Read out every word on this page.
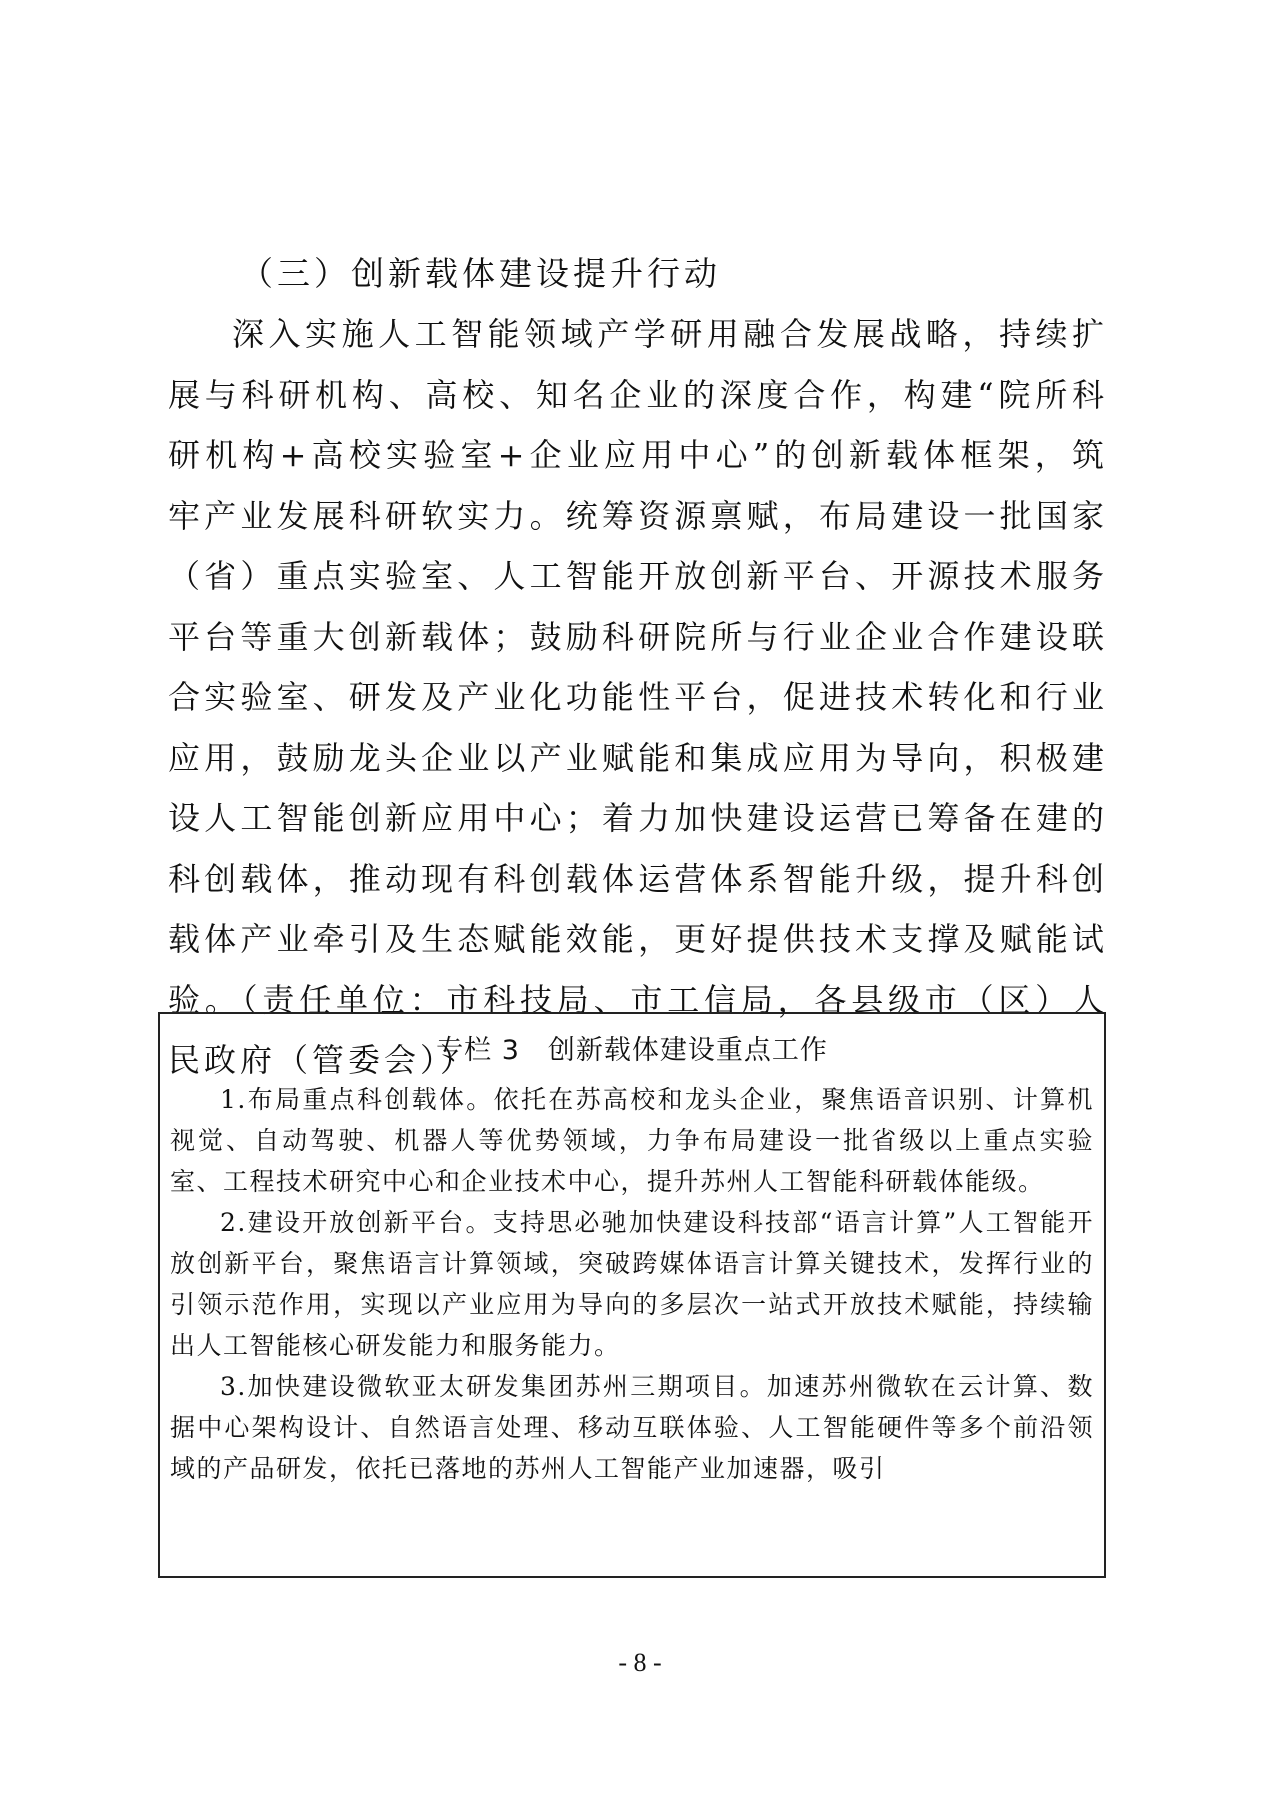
（三）创新载体建设提升行动

深入实施人工智能领域产学研用融合发展战略，持续扩展与科研机构、高校、知名企业的深度合作，构建“院所科研机构+高校实验室+企业应用中心”的创新载体框架，筑牢产业发展科研软实力。统筹资源禀赋，布局建设一批国家（省）重点实验室、人工智能开放创新平台、开源技术服务平台等重大创新载体；鼓励科研院所与行业企业合作建设联合实验室、研发及产业化功能性平台，促进技术转化和行业应用，鼓励龙头企业以产业赋能和集成应用为导向，积极建设人工智能创新应用中心；着力加快建设运营已筹备在建的科创载体，推动现有科创载体运营体系智能升级，提升科创载体产业牵引及生态赋能效能，更好提供技术支撑及赋能试验。（责任单位：市科技局、市工信局，各县级市（区）人民政府（管委会））

专栏 3　创新载体建设重点工作

1.布局重点科创载体。依托在苏高校和龙头企业，聚焦语音识别、计算机视觉、自动驾驶、机器人等优势领域，力争布局建设一批省级以上重点实验室、工程技术研究中心和企业技术中心，提升苏州人工智能科研载体能级。

2.建设开放创新平台。支持思必驰加快建设科技部“语言计算”人工智能开放创新平台，聚焦语言计算领域，突破跨媒体语言计算关键技术，发挥行业的引领示范作用，实现以产业应用为导向的多层次一站式开放技术赋能，持续输出人工智能核心研发能力和服务能力。

3.加快建设微软亚太研发集团苏州三期项目。加速苏州微软在云计算、数据中心架构设计、自然语言处理、移动互联体验、人工智能硬件等多个前沿领域的产品研发，依托已落地的苏州人工智能产业加速器，吸引

- 8 -
